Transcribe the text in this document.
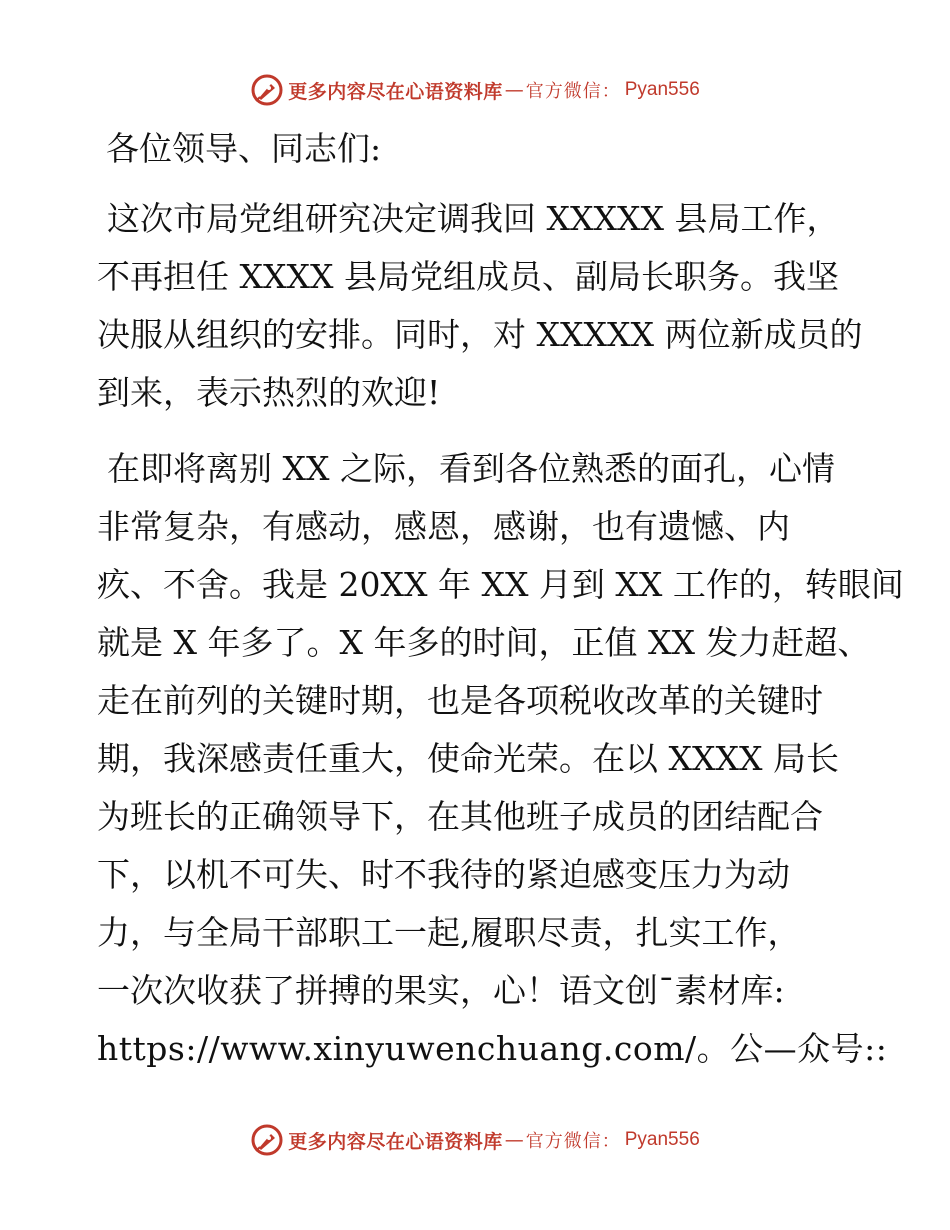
更多内容尽在心语资料库 — 官方微信： Pyan556

各位领导、同志们:

这次市局党组研究决定调我回 XXXXX 县局工作，
不再担任 XXXX 县局党组成员、副局长职务。我坚
决服从组织的安排。同时，对 XXXXX 两位新成员的
到来，表示热烈的欢迎!
在即将离别 XX 之际，看到各位熟悉的面孔，心情
非常复杂，有感动，感恩，感谢，也有遗憾、内
疚、不舍。我是 20XX 年 XX 月到 XX 工作的，转眼间
就是 X 年多了。X 年多的时间，正值 XX 发力赶超、
走在前列的关键时期，也是各项税收改革的关键时
期，我深感责任重大，使命光荣。在以 XXXX 局长
为班长的正确领导下，在其他班子成员的团结配合
下，以机不可失、时不我待的紧迫感变压力为动
力，与全局干部职工一起,履职尽责，扎实工作，
一次次收获了拼搏的果实，心！语文创¯素材库:
https://www.xinyuwenchuang.com/。公—众号::
更多内容尽在心语资料库 — 官方微信： Pyan556
